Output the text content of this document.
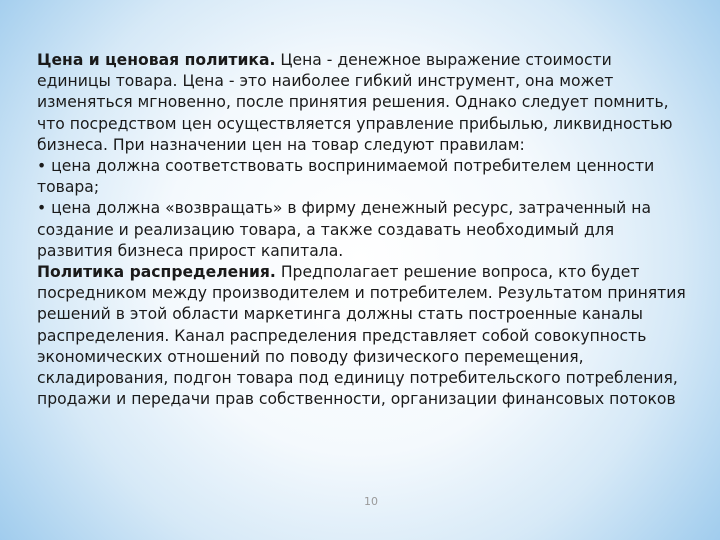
Цена и ценовая политика. Цена - денежное выражение стоимости единицы товара. Цена - это наиболее гибкий инструмент, она может изменяться мгновенно, после принятия решения. Однако следует помнить, что посредством цен осуществляется управление прибылью, ликвидностью бизнеса. При назначении цен на товар следуют правилам:

• цена должна соответствовать воспринимаемой потребителем ценности товара;

• цена должна «возвращать» в фирму денежный ресурс, затраченный на создание и реализацию товара, а также создавать необходимый для развития бизнеса прирост капитала.

Политика распределения. Предполагает решение вопроса, кто будет посредником между производителем и потребителем. Результатом принятия решений в этой области маркетинга должны стать построенные каналы распределения. Канал распределения представляет собой совокупность экономических отношений по поводу физического перемещения, складирования, подгон товара под единицу потребительского потребления, продажи и передачи прав собственности, организации финансовых потоков

10
